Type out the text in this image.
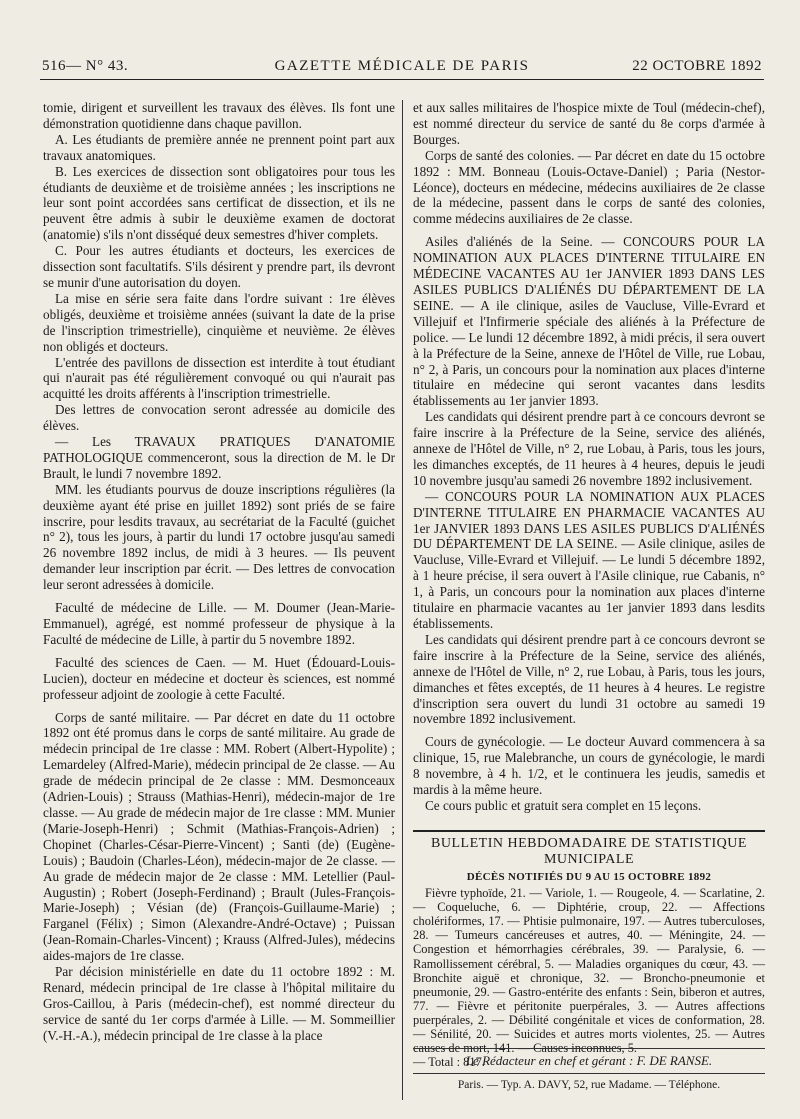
516— N° 43.	GAZETTE MÉDICALE DE PARIS	22 OCTOBRE 1892

tomie, dirigent et surveillent les travaux des élèves. Ils font une démonstration quotidienne dans chaque pavillon.

A. Les étudiants de première année ne prennent point part aux travaux anatomiques.

B. Les exercices de dissection sont obligatoires pour tous les étudiants de deuxième et de troisième années ; les inscriptions ne leur sont point accordées sans certificat de dissection, et ils ne peuvent être admis à subir le deuxième examen de doctorat (anatomie) s'ils n'ont disséqué deux semestres d'hiver complets.

C. Pour les autres étudiants et docteurs, les exercices de dissection sont facultatifs. S'ils désirent y prendre part, ils devront se munir d'une autorisation du doyen.

La mise en série sera faite dans l'ordre suivant : 1re élèves obligés, deuxième et troisième années (suivant la date de la prise de l'inscription trimestrielle), cinquième et neuvième. 2e élèves non obligés et docteurs.

L'entrée des pavillons de dissection est interdite à tout étudiant qui n'aurait pas été régulièrement convoqué ou qui n'aurait pas acquitté les droits afférents à l'inscription trimestrielle.

Des lettres de convocation seront adressée au domicile des élèves.

— Les TRAVAUX PRATIQUES D'ANATOMIE PATHOLOGIQUE commenceront, sous la direction de M. le Dr Brault, le lundi 7 novembre 1892.

MM. les étudiants pourvus de douze inscriptions régulières (la deuxième ayant été prise en juillet 1892) sont priés de se faire inscrire, pour lesdits travaux, au secrétariat de la Faculté (guichet n° 2), tous les jours, à partir du lundi 17 octobre jusqu'au samedi 26 novembre 1892 inclus, de midi à 3 heures. — Ils peuvent demander leur inscription par écrit. — Des lettres de convocation leur seront adressées à domicile.

Faculté de médecine de Lille. — M. Doumer (Jean-Marie-Emmanuel), agrégé, est nommé professeur de physique à la Faculté de médecine de Lille, à partir du 5 novembre 1892.

Faculté des sciences de Caen. — M. Huet (Édouard-Louis-Lucien), docteur en médecine et docteur ès sciences, est nommé professeur adjoint de zoologie à cette Faculté.

Corps de santé militaire. — Par décret en date du 11 octobre 1892 ont été promus dans le corps de santé militaire. Au grade de médecin principal de 1re classe : MM. Robert (Albert-Hypolite) ; Lemardeley (Alfred-Marie), médecin principal de 2e classe. — Au grade de médecin principal de 2e classe : MM. Desmonceaux (Adrien-Louis) ; Strauss (Mathias-Henri), médecin-major de 1re classe. — Au grade de médecin major de 1re classe : MM. Munier (Marie-Joseph-Henri) ; Schmit (Mathias-François-Adrien) ; Chopinet (Charles-César-Pierre-Vincent) ; Santi (de) (Eugène-Louis) ; Baudoin (Charles-Léon), médecin-major de 2e classe. — Au grade de médecin major de 2e classe : MM. Letellier (Paul-Augustin) ; Robert (Joseph-Ferdinand) ; Brault (Jules-François-Marie-Joseph) ; Vésian (de) (François-Guillaume-Marie) ; Farganel (Félix) ; Simon (Alexandre-André-Octave) ; Puissan (Jean-Romain-Charles-Vincent) ; Krauss (Alfred-Jules), médecins aides-majors de 1re classe.

Par décision ministérielle en date du 11 octobre 1892 : M. Renard, médecin principal de 1re classe à l'hôpital militaire du Gros-Caillou, à Paris (médecin-chef), est nommé directeur du service de santé du 1er corps d'armée à Lille. — M. Sommeillier (V.-H.-A.), médecin principal de 1re classe à la place

et aux salles militaires de l'hospice mixte de Toul (médecin-chef), est nommé directeur du service de santé du 8e corps d'armée à Bourges.

Corps de santé des colonies. — Par décret en date du 15 octobre 1892 : MM. Bonneau (Louis-Octave-Daniel) ; Paria (Nestor-Léonce), docteurs en médecine, médecins auxiliaires de 2e classe de la médecine, passent dans le corps de santé des colonies, comme médecins auxiliaires de 2e classe.

Asiles d'aliénés de la Seine. — CONCOURS POUR LA NOMINATION AUX PLACES D'INTERNE TITULAIRE EN MÉDECINE VACANTES AU 1er JANVIER 1893 DANS LES ASILES PUBLICS D'ALIÉNÉS DU DÉPARTEMENT DE LA SEINE. — A ile clinique, asiles de Vaucluse, Ville-Evrard et Villejuif et l'Infirmerie spéciale des aliénés à la Préfecture de police. — Le lundi 12 décembre 1892, à midi précis, il sera ouvert à la Préfecture de la Seine, annexe de l'Hôtel de Ville, rue Lobau, n° 2, à Paris, un concours pour la nomination aux places d'interne titulaire en médecine qui seront vacantes dans lesdits établissements au 1er janvier 1893.

Les candidats qui désirent prendre part à ce concours devront se faire inscrire à la Préfecture de la Seine, service des aliénés, annexe de l'Hôtel de Ville, n° 2, rue Lobau, à Paris, tous les jours, les dimanches exceptés, de 11 heures à 4 heures, depuis le jeudi 10 novembre jusqu'au samedi 26 novembre 1892 inclusivement.

— CONCOURS POUR LA NOMINATION AUX PLACES D'INTERNE TITULAIRE EN PHARMACIE VACANTES AU 1er JANVIER 1893 DANS LES ASILES PUBLICS D'ALIÉNÉS DU DÉPARTEMENT DE LA SEINE. — Asile clinique, asiles de Vaucluse, Ville-Evrard et Villejuif. — Le lundi 5 décembre 1892, à 1 heure précise, il sera ouvert à l'Asile clinique, rue Cabanis, n° 1, à Paris, un concours pour la nomination aux places d'interne titulaire en pharmacie vacantes au 1er janvier 1893 dans lesdits établissements.

Les candidats qui désirent prendre part à ce concours devront se faire inscrire à la Préfecture de la Seine, service des aliénés, annexe de l'Hôtel de Ville, n° 2, rue Lobau, à Paris, tous les jours, dimanches et fêtes exceptés, de 11 heures à 4 heures. Le registre d'inscription sera ouvert du lundi 31 octobre au samedi 19 novembre 1892 inclusivement.

Cours de gynécologie. — Le docteur Auvard commencera à sa clinique, 15, rue Malebranche, un cours de gynécologie, le mardi 8 novembre, à 4 h. 1/2, et le continuera les jeudis, samedis et mardis à la même heure.

Ce cours public et gratuit sera complet en 15 leçons.

BULLETIN HEBDOMADAIRE DE STATISTIQUE
MUNICIPALE
DÉCÈS NOTIFIÉS DU 9 AU 15 OCTOBRE 1892
Fièvre typhoïde, 21. — Variole, 1. — Rougeole, 4. — Scarlatine, 2. — Coqueluche, 6. — Diphtérie, croup, 22. — Affections cholériformes, 17. — Phtisie pulmonaire, 197. — Autres tuberculoses, 28. — Tumeurs cancéreuses et autres, 40. — Méningite, 24. — Congestion et hémorrhagies cérébrales, 39. — Paralysie, 6. — Ramollissement cérébral, 5. — Maladies organiques du cœur, 43. — Bronchite aiguë et chronique, 32. — Broncho-pneumonie et pneumonie, 29. — Gastro-entérite des enfants : Sein, biberon et autres, 77. — Fièvre et péritonite puerpérales, 3. — Autres affections puerpérales, 2. — Débilité congénitale et vices de conformation, 28. — Sénilité, 20. — Suicides et autres morts violentes, 25. — Autres causes de mort, 141. — Causes inconnues, 5.
— Total : 817.
Le Rédacteur en chef et gérant : F. DE RANSE.
Paris. — Typ. A. DAVY, 52, rue Madame. — Téléphone.
